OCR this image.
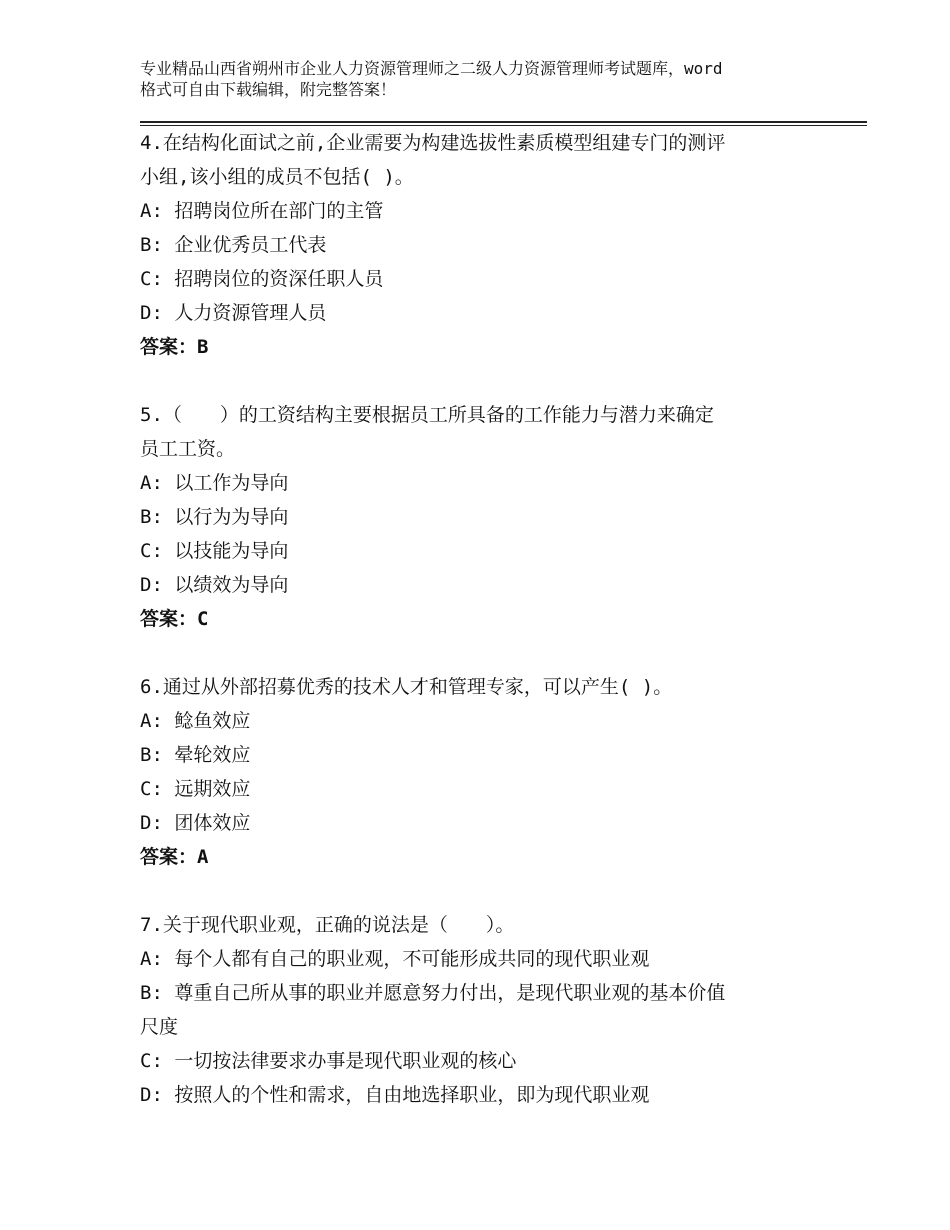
专业精品山西省朔州市企业人力资源管理师之二级人力资源管理师考试题库，word
格式可自由下载编辑，附完整答案！
4.在结构化面试之前,企业需要为构建选拔性素质模型组建专门的测评
小组,该小组的成员不包括( )。
A: 招聘岗位所在部门的主管
B: 企业优秀员工代表
C: 招聘岗位的资深任职人员
D: 人力资源管理人员
答案：B
5.（　　）的工资结构主要根据员工所具备的工作能力与潜力来确定
员工工资。
A: 以工作为导向
B: 以行为为导向
C: 以技能为导向
D: 以绩效为导向
答案：C
6.通过从外部招募优秀的技术人才和管理专家，可以产生( )。
A: 鲶鱼效应
B: 晕轮效应
C: 远期效应
D: 团体效应
答案：A
7.关于现代职业观，正确的说法是（　　）。
A: 每个人都有自己的职业观，不可能形成共同的现代职业观
B: 尊重自己所从事的职业并愿意努力付出，是现代职业观的基本价值
尺度
C: 一切按法律要求办事是现代职业观的核心
D: 按照人的个性和需求，自由地选择职业，即为现代职业观
